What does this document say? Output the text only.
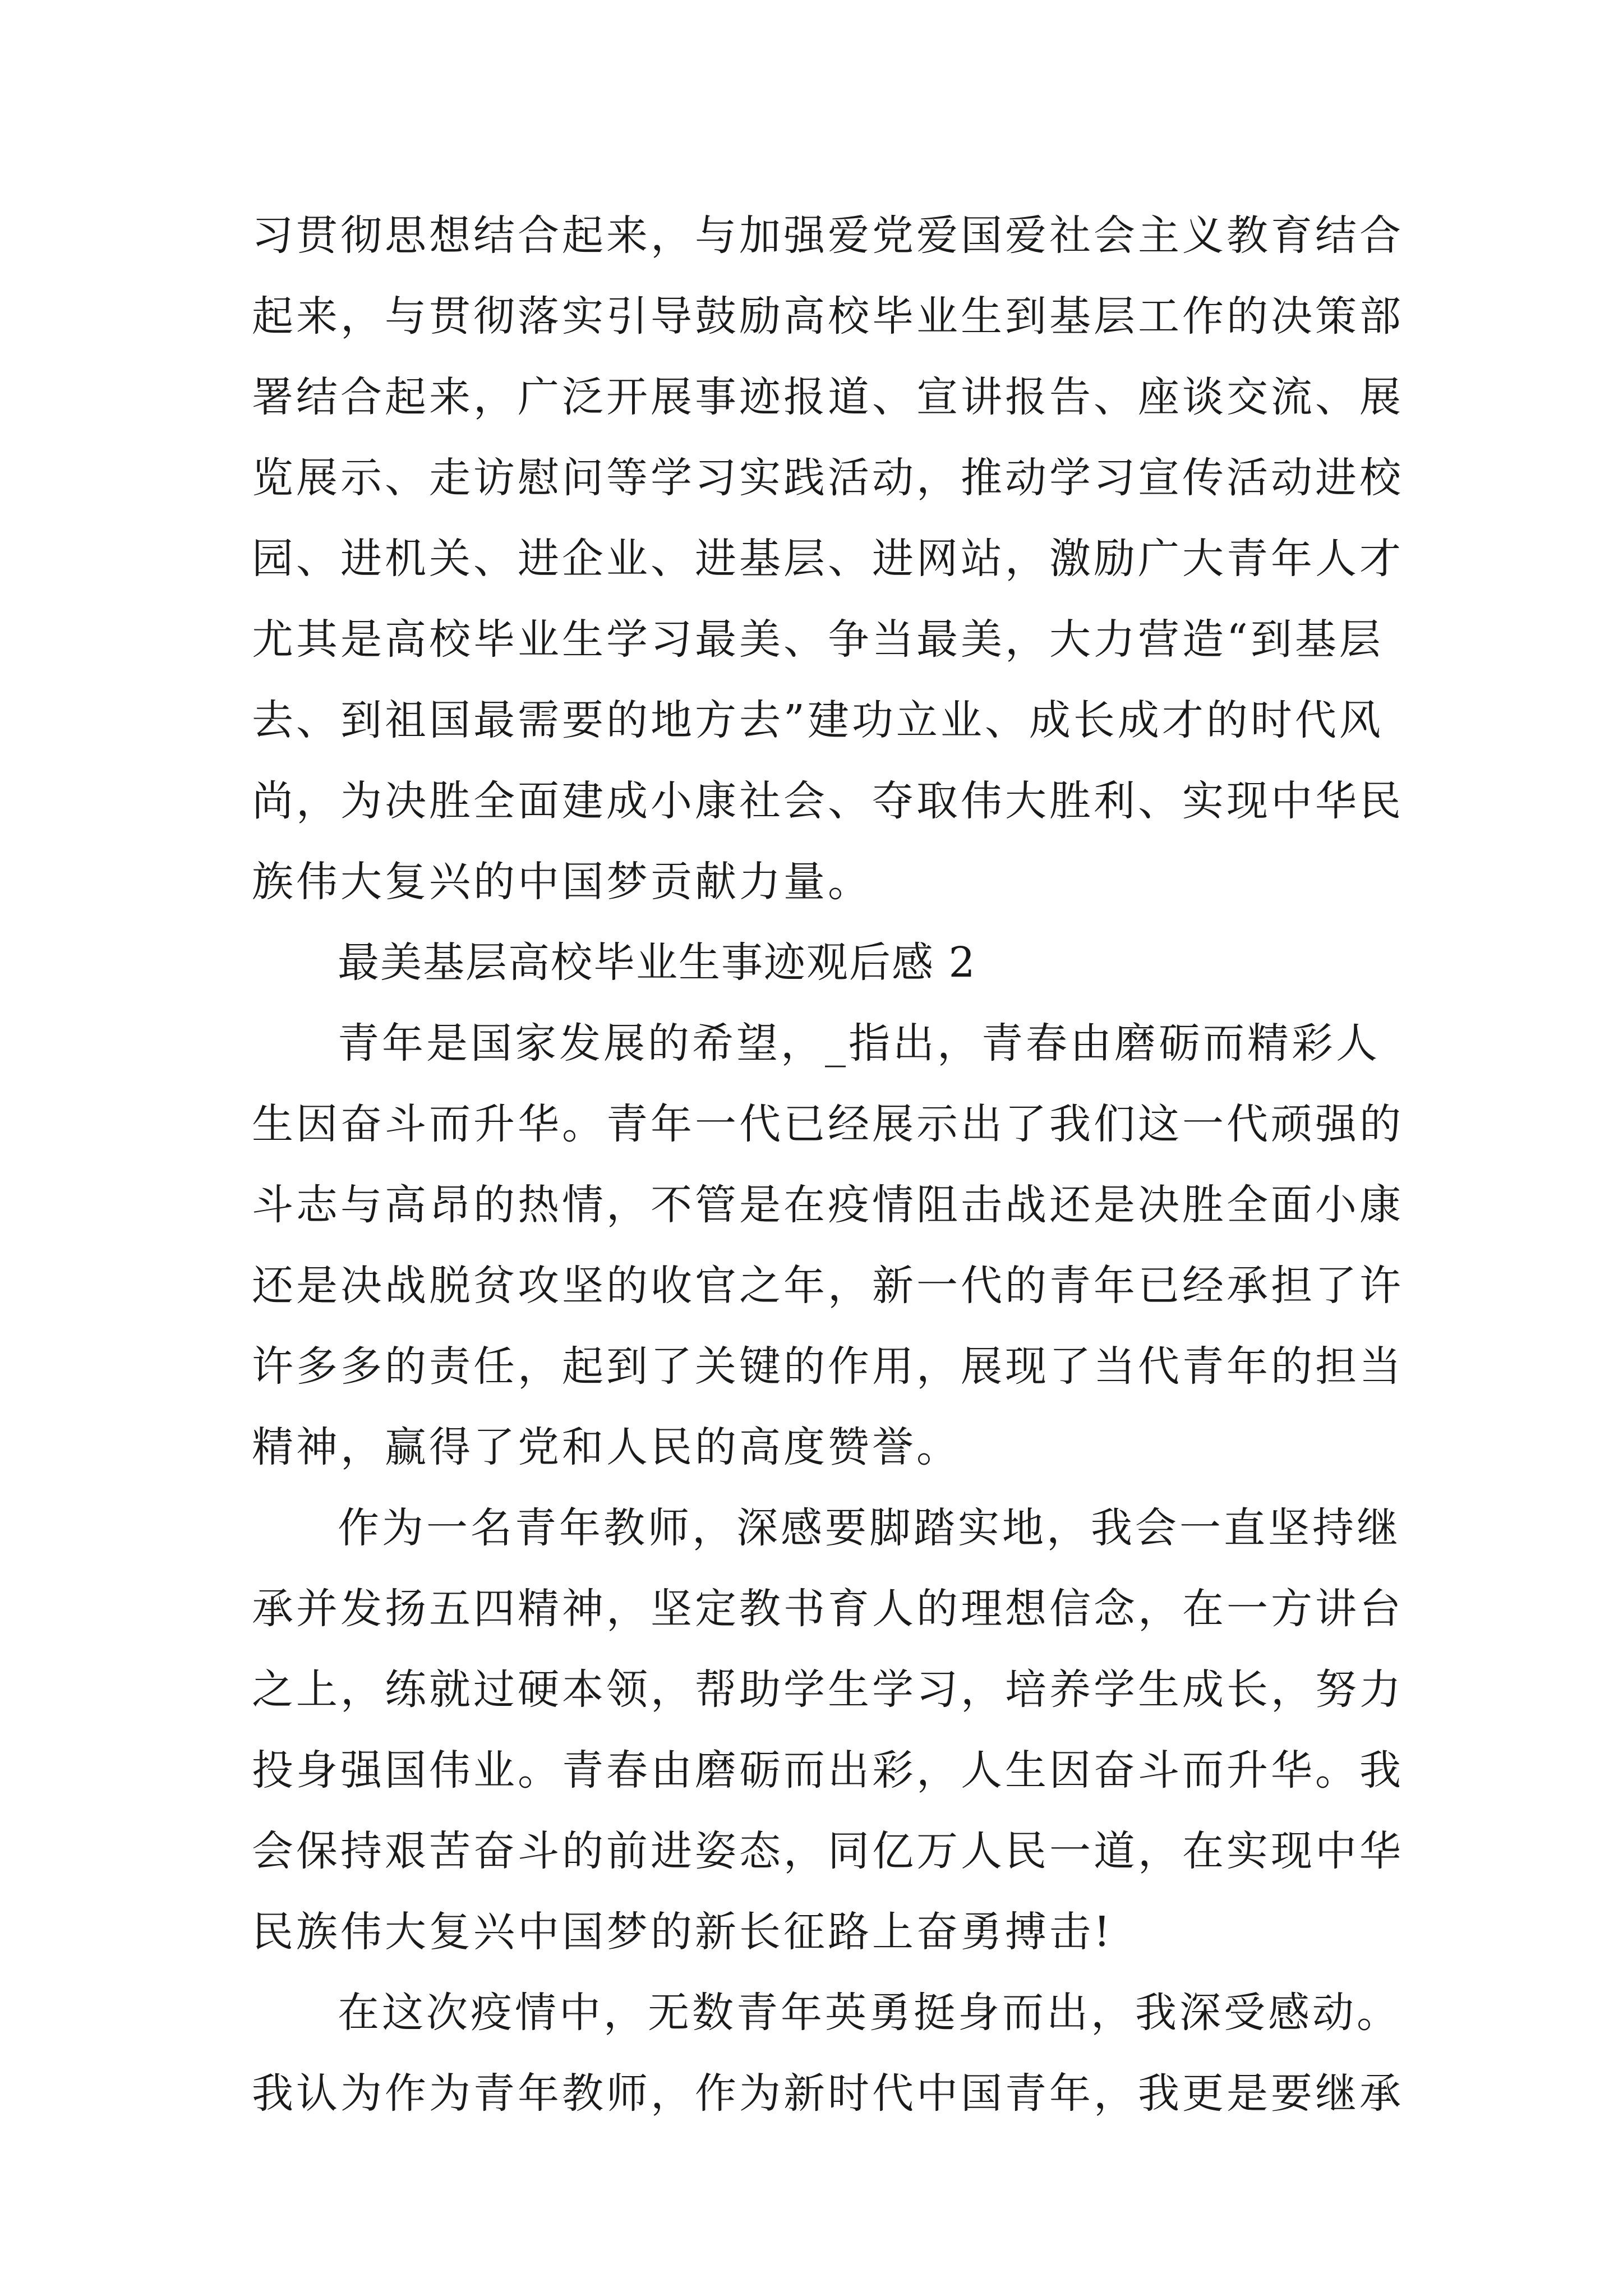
习贯彻思想结合起来，与加强爱党爱国爱社会主义教育结合
起来，与贯彻落实引导鼓励高校毕业生到基层工作的决策部
署结合起来，广泛开展事迹报道、宣讲报告、座谈交流、展
览展示、走访慰问等学习实践活动，推动学习宣传活动进校
园、进机关、进企业、进基层、进网站，激励广大青年人才
尤其是高校毕业生学习最美、争当最美，大力营造“到基层
去、到祖国最需要的地方去”建功立业、成长成才的时代风
尚，为决胜全面建成小康社会、夺取伟大胜利、实现中华民
族伟大复兴的中国梦贡献力量。
最美基层高校毕业生事迹观后感 2
青年是国家发展的希望，_指出，青春由磨砺而精彩人
生因奋斗而升华。青年一代已经展示出了我们这一代顽强的
斗志与高昂的热情，不管是在疫情阻击战还是决胜全面小康
还是决战脱贫攻坚的收官之年，新一代的青年已经承担了许
许多多的责任，起到了关键的作用，展现了当代青年的担当
精神，赢得了党和人民的高度赞誉。
作为一名青年教师，深感要脚踏实地，我会一直坚持继
承并发扬五四精神，坚定教书育人的理想信念，在一方讲台
之上，练就过硬本领，帮助学生学习，培养学生成长，努力
投身强国伟业。青春由磨砺而出彩，人生因奋斗而升华。我
会保持艰苦奋斗的前进姿态，同亿万人民一道，在实现中华
民族伟大复兴中国梦的新长征路上奋勇搏击!
在这次疫情中，无数青年英勇挺身而出，我深受感动。
我认为作为青年教师，作为新时代中国青年，我更是要继承
